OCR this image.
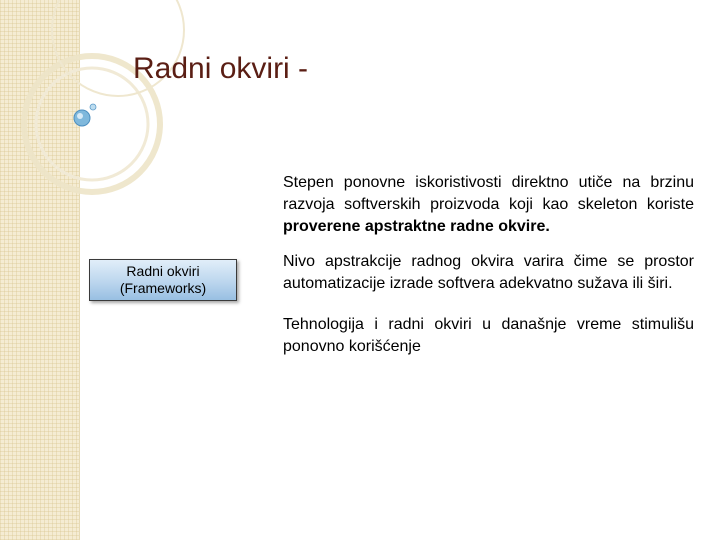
Radni okviri -
Radni okviri
(Frameworks)

Stepen ponovne iskoristivosti direktno utiče na brzinu razvoja softverskih proizvoda koji kao skeleton koriste proverene apstraktne radne okvire.

Nivo apstrakcije radnog okvira varira čime se prostor automatizacije izrade softvera adekvatno sužava ili širi.

Tehnologija i radni okviri u današnje vreme stimulišu ponovno korišćenje
